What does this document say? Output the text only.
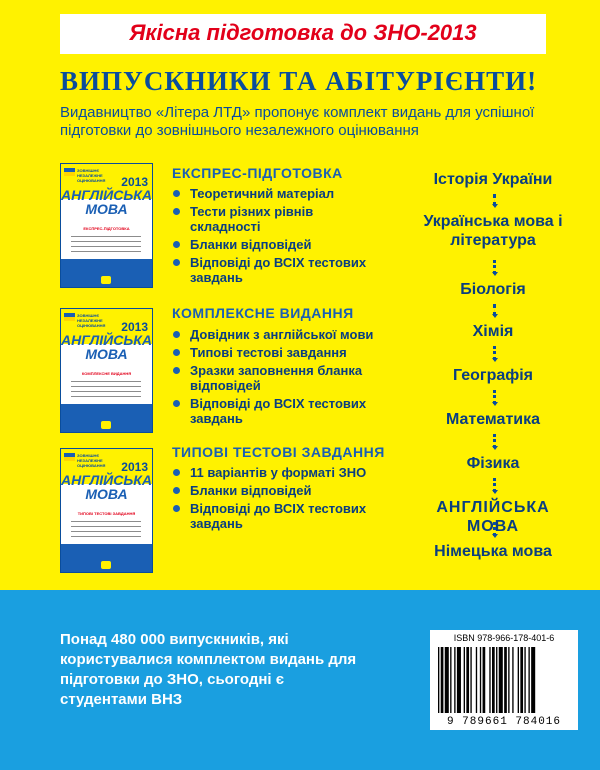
Якісна підготовка до ЗНО-2013
ВИПУСКНИКИ ТА АБІТУРІЄНТИ!
Видавництво «Літера ЛТД» пропонує комплект видань для успішної підготовки до зовнішнього незалежного оцінювання
ЗОВНІШНЄ НЕЗАЛЕЖНЕ ОЦІНЮВАННЯ	2013
АНГЛІЙСЬКА
МОВА
ЕКСПРЕС-ПІДГОТОВКА
ЕКСПРЕС-ПІДГОТОВКА
Теоретичний матеріал
Тести різних рівнів складності
Бланки відповідей
Відповіді до ВСІХ тестових завдань
ЗОВНІШНЄ НЕЗАЛЕЖНЕ ОЦІНЮВАННЯ	2013
АНГЛІЙСЬКА
МОВА
КОМПЛЕКСНЕ ВИДАННЯ
КОМПЛЕКСНЕ ВИДАННЯ
Довідник з англійської мови
Типові тестові завдання
Зразки заповнення бланка відповідей
Відповіді до ВСІХ тестових завдань
ЗОВНІШНЄ НЕЗАЛЕЖНЕ ОЦІНЮВАННЯ	2013
АНГЛІЙСЬКА
МОВА
ТИПОВІ ТЕСТОВІ ЗАВДАННЯ
ТИПОВІ ТЕСТОВІ ЗАВДАННЯ
11 варіантів у форматі ЗНО
Бланки відповідей
Відповіді до ВСІХ тестових завдань
Історія України
Українська мова і література
Біологія
Хімія
Географія
Математика
Фізика
АНГЛІЙСЬКА МОВА
Німецька мова
Понад 480 000 випускників, які користувалися комплектом видань для підготовки до ЗНО, сьогодні є студентами ВНЗ
ISBN 978-966-178-401-6
9 789661 784016
